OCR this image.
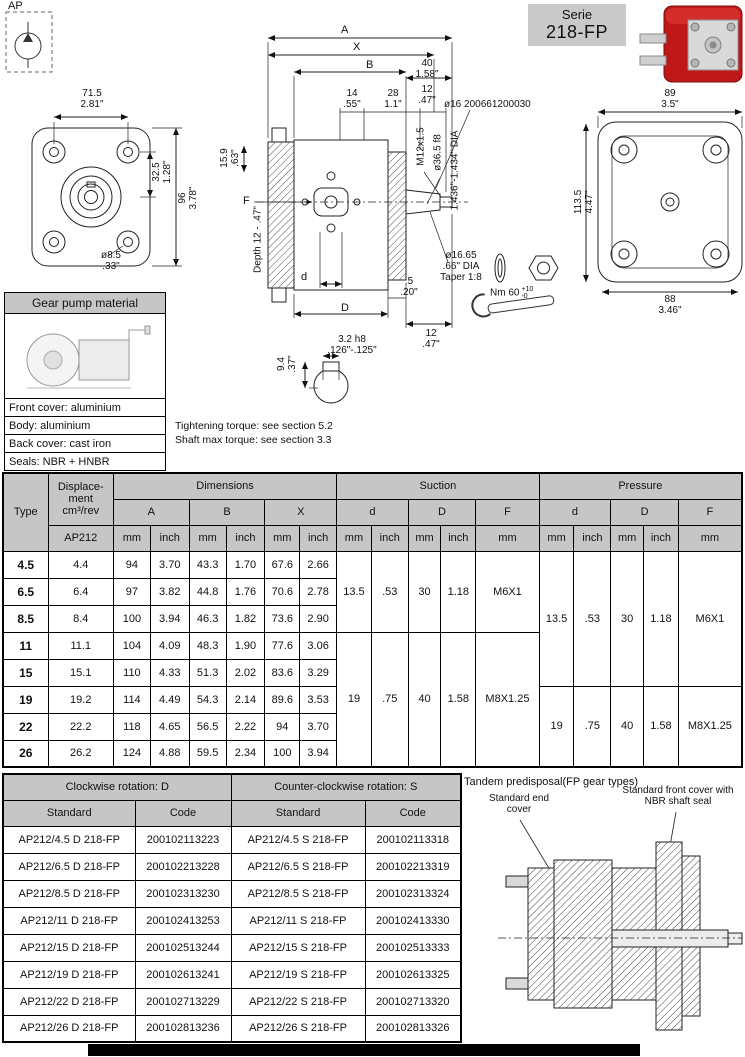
AP
Serie
218-FP
71.5
2.81"
32.5 1.28"
96 3.78"
ø8.5
.33"
A
X
B	40
1.58"
14
.55"
28
1.1"
12
.47" ø16 200661200030
M12x1.5 ø36.5 f8 1.436"-1.434" DIA
15.9 .63"
F
Depth 12 - .47"
d
D
.5
.20"
12
.47"
ø16.65
.66" DIA
Taper 1:8
Nm 60 +10
-0
89
3.5"
113.5 4.47"
88
3.46"
3.2 h8
.126"-.125"
9.4 .37"
Gear pump material
Front cover: aluminium
Body: aluminium
Back cover: cast iron
Seals: NBR + HNBR
Tightening torque: see section 5.2
Shaft max torque: see section 3.3
Type	Displace-
ment
cm³/rev	Dimensions						Suction					Pressure				
		A		B		X		d		D		F	d		D		F
	AP212	mm	inch	mm	inch	mm	inch	mm	inch	mm	inch	mm	mm	inch	mm	inch	mm
4.5	4.4	94	3.70	43.3	1.70	67.6	2.66	13.5	.53	30	1.18	M6X1	13.5	.53	30	1.18	M6X1
6.5	6.4	97	3.82	44.8	1.76	70.6	2.78										
8.5	8.4	100	3.94	46.3	1.82	73.6	2.90										
11	11.1	104	4.09	48.3	1.90	77.6	3.06	19	.75	40	1.58	M8X1.25					
15	15.1	110	4.33	51.3	2.02	83.6	3.29										
19	19.2	114	4.49	54.3	2.14	89.6	3.53						19	.75	40	1.58	M8X1.25
22	22.2	118	4.65	56.5	2.22	94	3.70										
26	26.2	124	4.88	59.5	2.34	100	3.94										
Clockwise rotation: D		Counter-clockwise rotation: S	
Standard	Code	Standard	Code
AP212/4.5 D 218-FP	200102113223	AP212/4.5 S 218-FP	200102113318
AP212/6.5 D 218-FP	200102213228	AP212/6.5 S 218-FP	200102213319
AP212/8.5 D 218-FP	200102313230	AP212/8.5 S 218-FP	200102313324
AP212/11 D 218-FP	200102413253	AP212/11 S 218-FP	200102413330
AP212/15 D 218-FP	200102513244	AP212/15 S 218-FP	200102513333
AP212/19 D 218-FP	200102613241	AP212/19 S 218-FP	200102613325
AP212/22 D 218-FP	200102713229	AP212/22 S 218-FP	200102713320
AP212/26 D 218-FP	200102813236	AP212/26 S 218-FP	200102813326
Tandem predisposal(FP gear types)
Standard end cover
Standard front cover with NBR shaft seal
